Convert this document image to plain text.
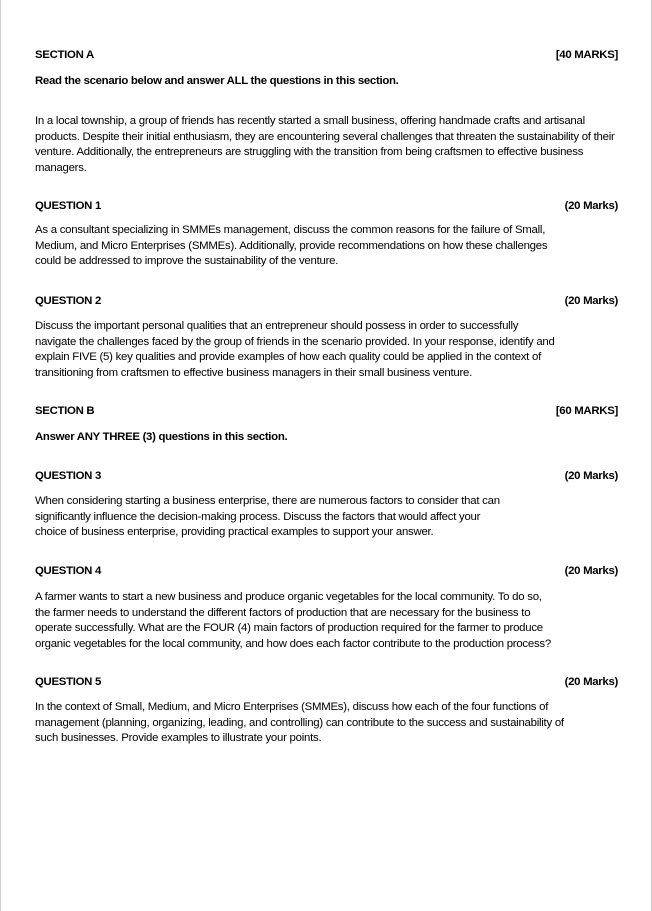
SECTION A	[40 MARKS]

Read the scenario below and answer ALL the questions in this section.

In a local township, a group of friends has recently started a small business, offering handmade crafts and artisanal products. Despite their initial enthusiasm, they are encountering several challenges that threaten the sustainability of their venture. Additionally, the entrepreneurs are struggling with the transition from being craftsmen to effective business managers.

QUESTION 1	(20 Marks)

As a consultant specializing in SMMEs management, discuss the common reasons for the failure of Small, Medium, and Micro Enterprises (SMMEs). Additionally, provide recommendations on how these challenges could be addressed to improve the sustainability of the venture.

QUESTION 2	(20 Marks)

Discuss the important personal qualities that an entrepreneur should possess in order to successfully navigate the challenges faced by the group of friends in the scenario provided. In your response, identify and explain FIVE (5) key qualities and provide examples of how each quality could be applied in the context of transitioning from craftsmen to effective business managers in their small business venture.

SECTION B	[60 MARKS]

Answer ANY THREE (3) questions in this section.

QUESTION 3	(20 Marks)

When considering starting a business enterprise, there are numerous factors to consider that can significantly influence the decision-making process. Discuss the factors that would affect your choice of business enterprise, providing practical examples to support your answer.

QUESTION 4	(20 Marks)

A farmer wants to start a new business and produce organic vegetables for the local community. To do so, the farmer needs to understand the different factors of production that are necessary for the business to operate successfully. What are the FOUR (4) main factors of production required for the farmer to produce organic vegetables for the local community, and how does each factor contribute to the production process?

QUESTION 5	(20 Marks)

In the context of Small, Medium, and Micro Enterprises (SMMEs), discuss how each of the four functions of management (planning, organizing, leading, and controlling) can contribute to the success and sustainability of such businesses. Provide examples to illustrate your points.
